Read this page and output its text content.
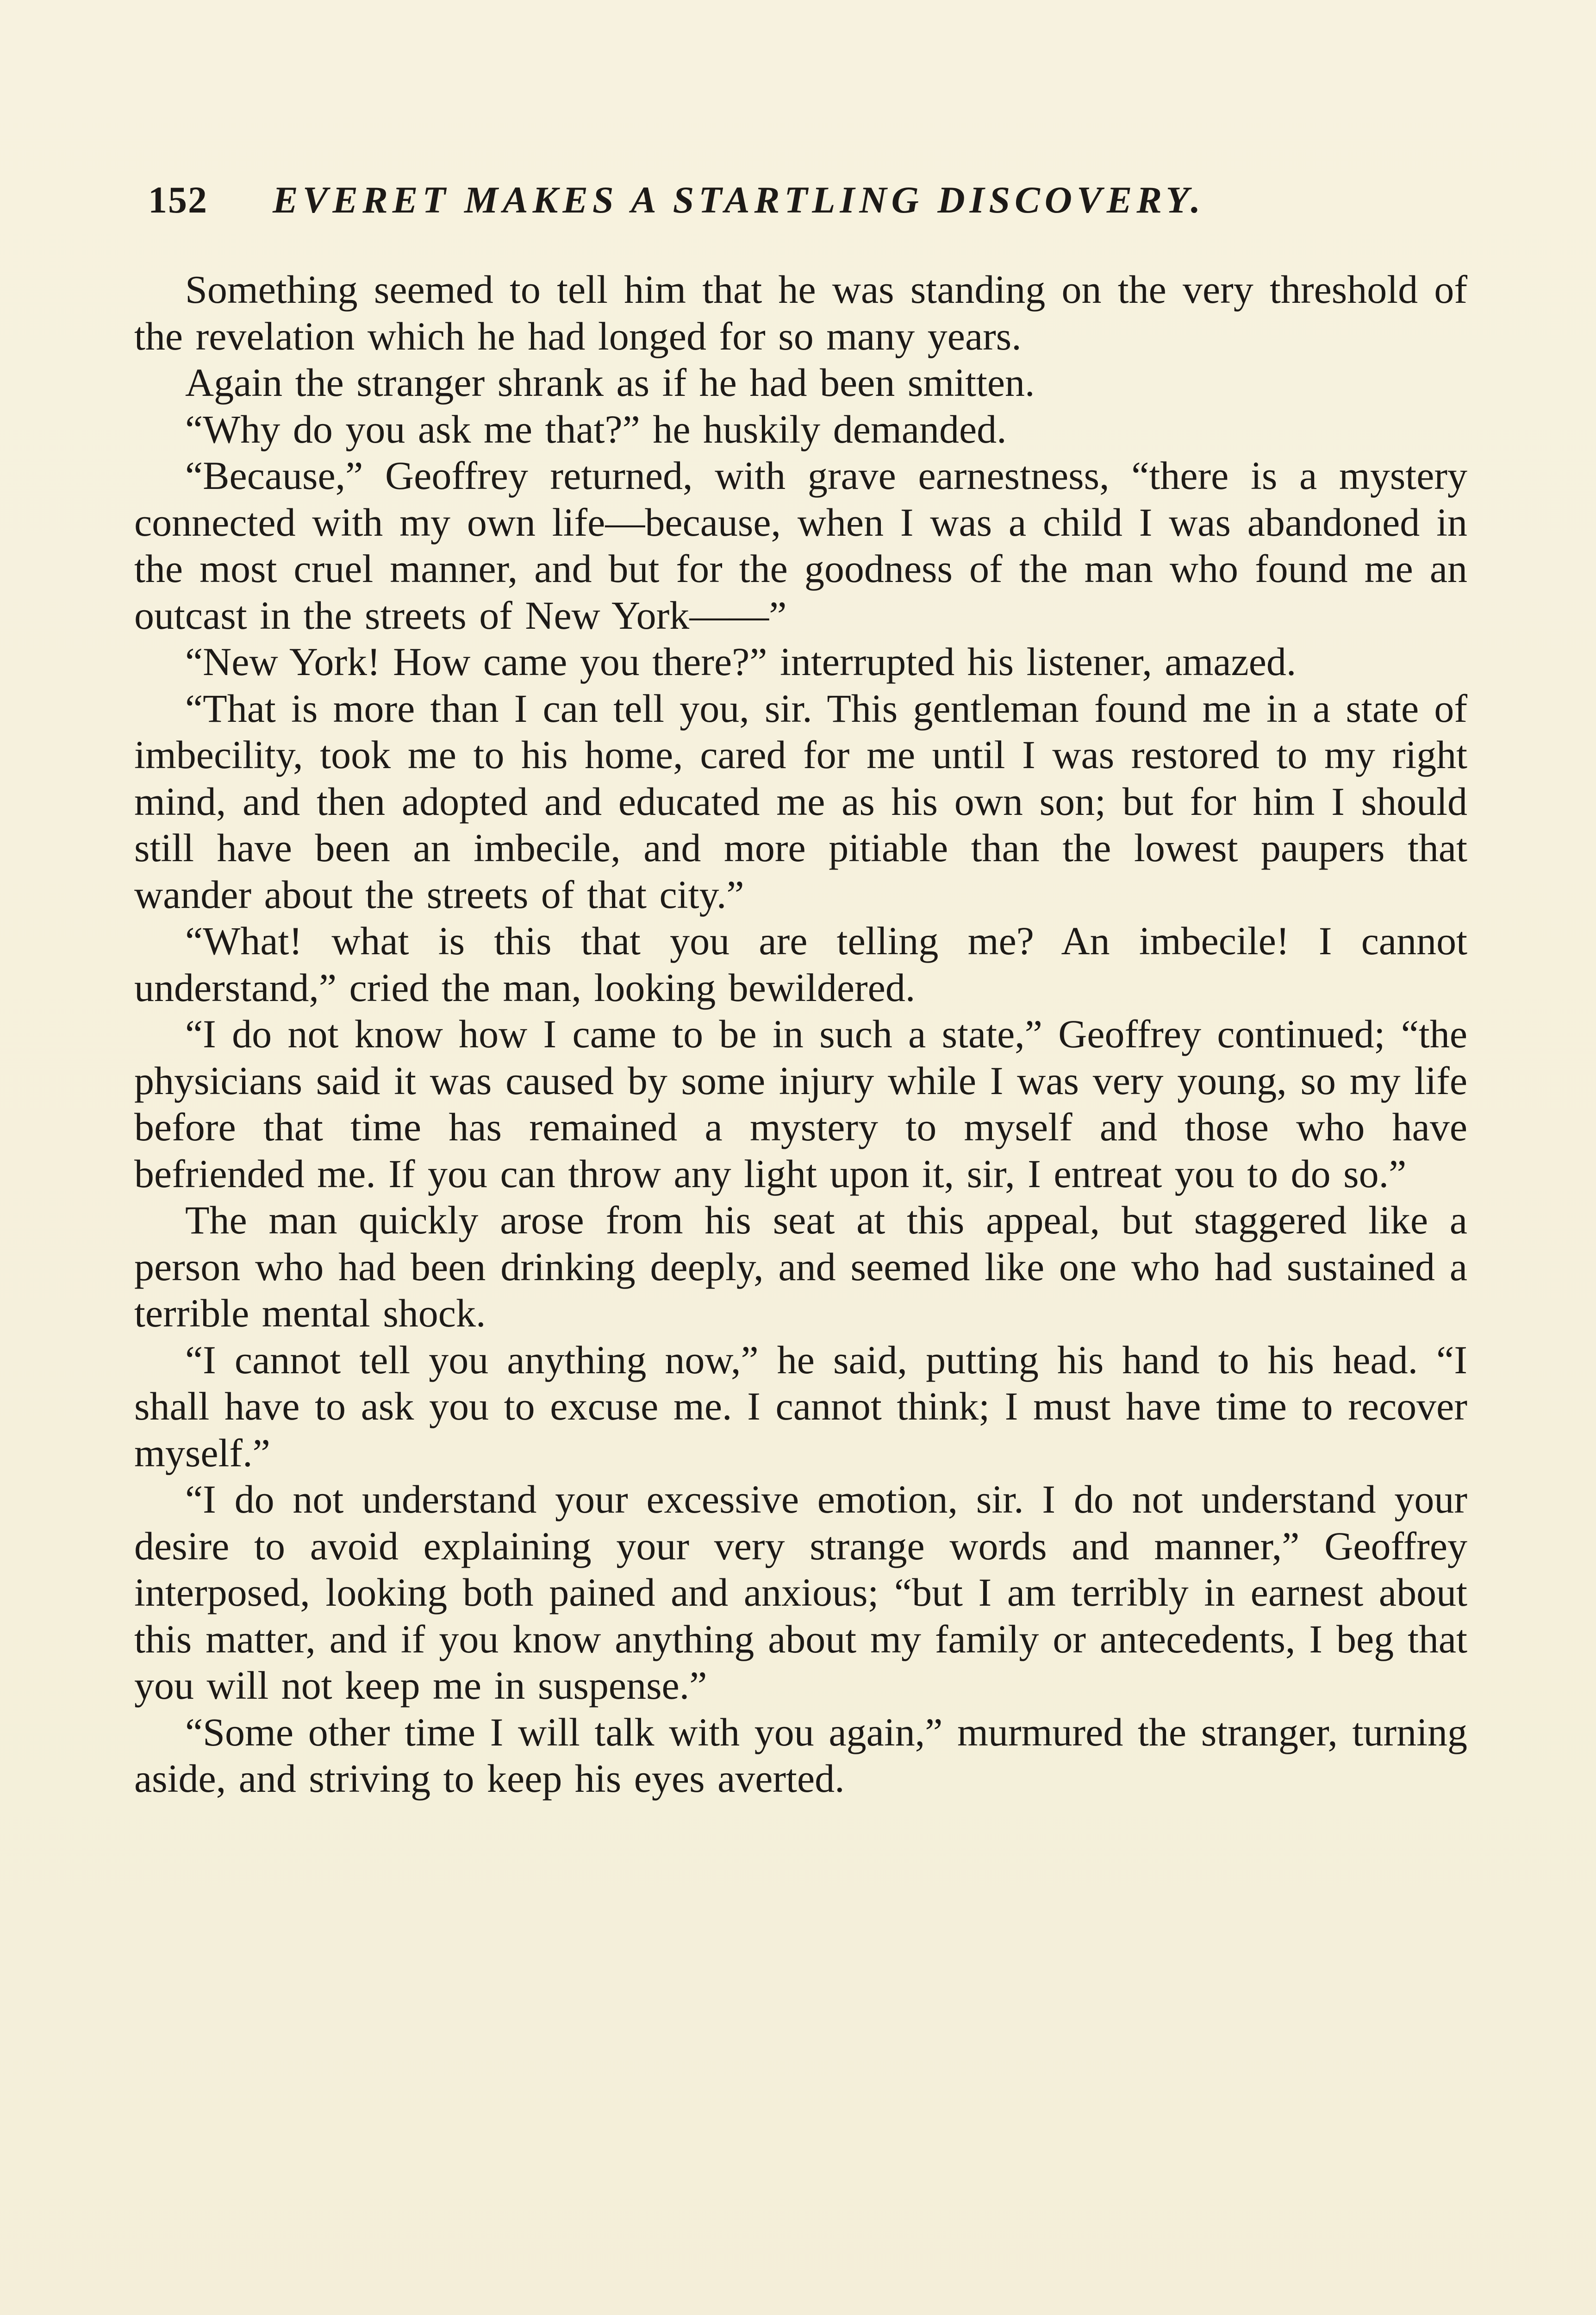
152 EVERET MAKES A STARTLING DISCOVERY.

Something seemed to tell him that he was standing on the very threshold of the revelation which he had longed for so many years.

Again the stranger shrank as if he had been smitten.

“Why do you ask me that?” he huskily demanded.

“Because,” Geoffrey returned, with grave earnestness, “there is a mystery connected with my own life—because, when I was a child I was abandoned in the most cruel manner, and but for the goodness of the man who found me an outcast in the streets of New York——”

“New York! How came you there?” interrupted his listener, amazed.

“That is more than I can tell you, sir. This gentleman found me in a state of imbecility, took me to his home, cared for me until I was restored to my right mind, and then adopted and educated me as his own son; but for him I should still have been an imbecile, and more pitiable than the lowest paupers that wander about the streets of that city.”

“What! what is this that you are telling me? An imbecile! I cannot understand,” cried the man, looking bewildered.

“I do not know how I came to be in such a state,” Geoffrey continued; “the physicians said it was caused by some injury while I was very young, so my life before that time has remained a mystery to myself and those who have befriended me. If you can throw any light upon it, sir, I entreat you to do so.”

The man quickly arose from his seat at this appeal, but staggered like a person who had been drinking deeply, and seemed like one who had sustained a terrible mental shock.

“I cannot tell you anything now,” he said, putting his hand to his head. “I shall have to ask you to excuse me. I cannot think; I must have time to recover myself.”

“I do not understand your excessive emotion, sir. I do not understand your desire to avoid explaining your very strange words and manner,” Geoffrey interposed, looking both pained and anxious; “but I am terribly in earnest about this matter, and if you know anything about my family or antecedents, I beg that you will not keep me in suspense.”

“Some other time I will talk with you again,” murmured the stranger, turning aside, and striving to keep his eyes averted.
